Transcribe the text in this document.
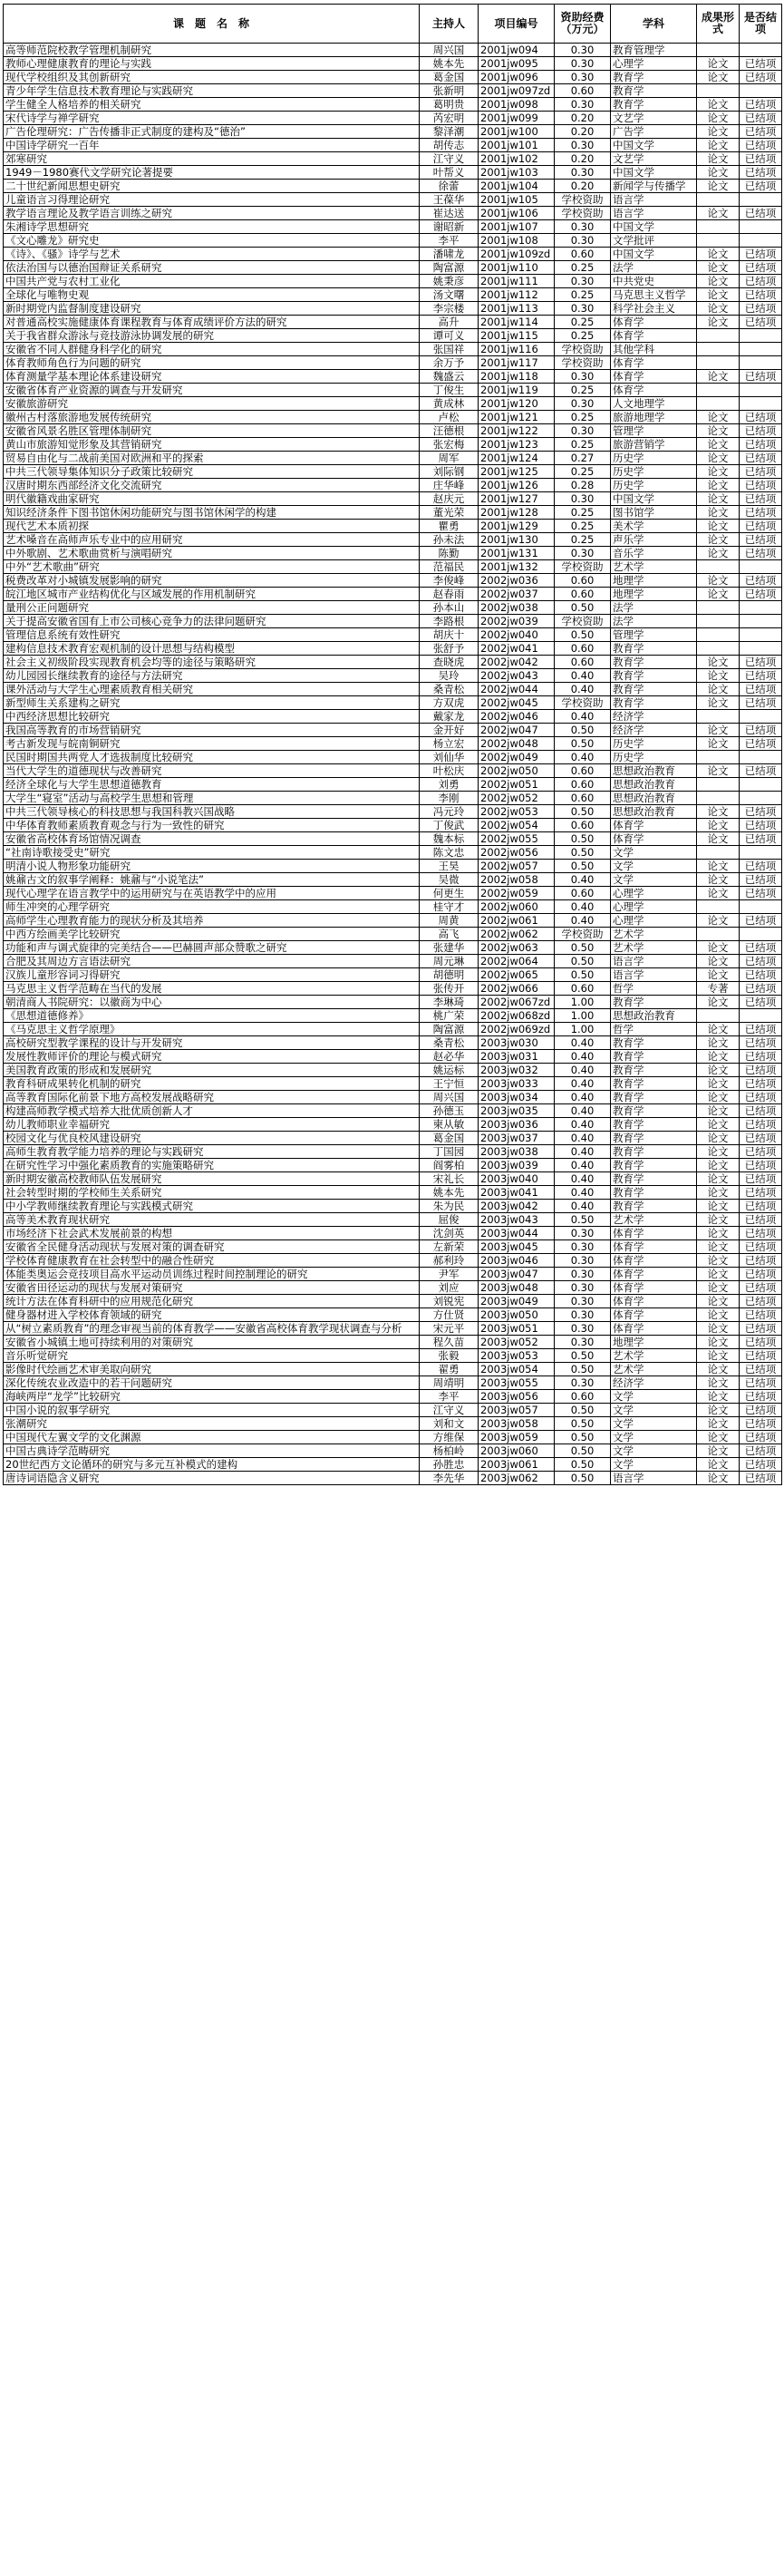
课　题　名　称	主持人	项目编号	资助经费（万元）	学科	成果形式	是否结项
高等师范院校教学管理机制研究	周兴国	2001jw094	0.30	教育管理学		
教师心理健康教育的理论与实践	姚本先	2001jw095	0.30	心理学	论文	已结项
现代学校组织及其创新研究	葛金国	2001jw096	0.30	教育学	论文	已结项
青少年学生信息技术教育理论与实践研究	张新明	2001jw097zd	0.60	教育学		
学生健全人格培养的相关研究	葛明贵	2001jw098	0.30	教育学	论文	已结项
宋代诗学与禅学研究	芮宏明	2001jw099	0.20	文艺学	论文	已结项
广告伦理研究：广告传播非正式制度的建构及“德治”	黎泽潮	2001jw100	0.20	广告学	论文	已结项
中国诗学研究一百年	胡传志	2001jw101	0.30	中国文学	论文	已结项
郊寒研究	江守义	2001jw102	0.20	文艺学	论文	已结项
1949－1980赛代文学研究论著提要	叶帮义	2001jw103	0.30	中国文学	论文	已结项
二十世纪新闻思想史研究	徐蕾	2001jw104	0.20	新闻学与传播学	论文	已结项
儿童语言习得理论研究	王葆华	2001jw105	学校资助	语言学		
教学语言理论及教学语言训练之研究	崔达送	2001jw106	学校资助	语言学	论文	已结项
朱湘诗学思想研究	谢昭新	2001jw107	0.30	中国文学		
《文心雕龙》研究史	李平	2001jw108	0.30	文学批评		
《诗》、《骚》诗学与艺术	潘啸龙	2001jw109zd	0.60	中国文学	论文	已结项
依法治国与以德治国辩证关系研究	陶富源	2001jw110	0.25	法学	论文	已结项
中国共产党与农村工业化	姚秉彦	2001jw111	0.30	中共党史	论文	已结项
全球化与唯物史观	汤文曙	2001jw112	0.25	马克思主义哲学	论文	已结项
新时期党内监督制度建设研究	李宗楼	2001jw113	0.30	科学社会主义	论文	已结项
对普通高校实施健康体育课程教育与体育成绩评价方法的研究	高升	2001jw114	0.25	体育学	论文	已结项
关于我省群众游泳与竞技游泳协调发展的研究	谭可义	2001jw115	0.25	体育学		
安徽省不同人群健身科学化的研究	张国祥	2001jw116	学校资助	其他学科		
体育教师角色行为问题的研究	余万予	2001jw117	学校资助	体育学		
体育测量学基本理论体系建设研究	魏盛云	2001jw118	0.30	体育学	论文	已结项
安徽省体育产业资源的调查与开发研究	丁俊生	2001jw119	0.25	体育学		
安徽旅游研究	黄成林	2001jw120	0.30	人文地理学		
徽州古村落旅游地发展传统研究	卢松	2001jw121	0.25	旅游地理学	论文	已结项
安徽省风景名胜区管理体制研究	汪德根	2001jw122	0.30	管理学	论文	已结项
黄山市旅游知觉形象及其营销研究	张宏梅	2001jw123	0.25	旅游营销学	论文	已结项
贸易自由化与二战前美国对欧洲和平的探索	周军	2001jw124	0.27	历史学	论文	已结项
中共三代领导集体知识分子政策比较研究	刘际钢	2001jw125	0.25	历史学	论文	已结项
汉唐时期东西部经济文化交流研究	庄华峰	2001jw126	0.28	历史学	论文	已结项
明代徽籍戏曲家研究	赵庆元	2001jw127	0.30	中国文学	论文	已结项
知识经济条件下图书馆休闲功能研究与图书馆休闲学的构建	董光荣	2001jw128	0.25	图书馆学	论文	已结项
现代艺术本质初探	瞿勇	2001jw129	0.25	美术学	论文	已结项
艺术嗓音在高师声乐专业中的应用研究	孙未法	2001jw130	0.25	声乐学	论文	已结项
中外歌剧、艺术歌曲赏析与演唱研究	陈勤	2001jw131	0.30	音乐学	论文	已结项
中外“艺术歌曲”研究	范福民	2001jw132	学校资助	艺术学		
税费改革对小城镇发展影响的研究	李俊峰	2002jw036	0.60	地理学	论文	已结项
皖江地区城市产业结构优化与区域发展的作用机制研究	赵春雨	2002jw037	0.60	地理学	论文	已结项
量刑公正问题研究	孙本山	2002jw038	0.50	法学		
关于提高安徽省国有上市公司核心竞争力的法律问题研究	李路根	2002jw039	学校资助	法学		
管理信息系统有效性研究	胡庆十	2002jw040	0.50	管理学		
建构信息技术教育宏观机制的设计思想与结构模型	张舒予	2002jw041	0.60	教育学		
社会主义初级阶段实现教育机会均等的途径与策略研究	查晓虎	2002jw042	0.60	教育学	论文	已结项
幼儿园园长继续教育的途径与方法研究	吴玲	2002jw043	0.40	教育学	论文	已结项
课外活动与大学生心理素质教育相关研究	桑青松	2002jw044	0.40	教育学	论文	已结项
新型师生关系建构之研究	方双虎	2002jw045	学校资助	教育学	论文	已结项
中西经济思想比较研究	戴家龙	2002jw046	0.40	经济学		
我国高等教育的市场营销研究	金开好	2002jw047	0.50	经济学	论文	已结项
考古新发现与皖南铜研究	杨立宏	2002jw048	0.50	历史学	论文	已结项
民国时期国共两党人才选拔制度比较研究	刘仙华	2002jw049	0.40	历史学		
当代大学生的道德现状与改善研究	叶松庆	2002jw050	0.60	思想政治教育	论文	已结项
经济全球化与大学生思想道德教育	刘勇	2002jw051	0.60	思想政治教育		
大学生“寝室”活动与高校学生思想和管理	李刚	2002jw052	0.60	思想政治教育		
中共三代领导核心的科技思想与我国科教兴国战略	冯元玲	2002jw053	0.50	思想政治教育	论文	已结项
中华体育教师素质教育观念与行为一致性的研究	丁俊武	2002jw054	0.60	体育学	论文	已结项
安徽省高校体育场馆情况调查	魏本标	2002jw055	0.50	体育学	论文	已结项
“社南诗歌接受史”研究	陈文忠	2002jw056	0.50	文学		
明清小说人物形象功能研究	王昊	2002jw057	0.50	文学	论文	已结项
姚鼐古文的叙事学阐释：姚鼐与“小说笔法”	吴微	2002jw058	0.40	文学	论文	已结项
现代心理学在语言教学中的运用研究与在英语教学中的应用	何更生	2002jw059	0.60	心理学	论文	已结项
师生冲突的心理学研究	桂守才	2002jw060	0.40	心理学		
高师学生心理教育能力的现状分析及其培养	周黄	2002jw061	0.40	心理学	论文	已结项
中西方绘画美学比较研究	高飞	2002jw062	学校资助	艺术学		
功能和声与调式旋律的完美结合——巴赫圆声部众赞歌之研究	张建华	2002jw063	0.50	艺术学	论文	已结项
合肥及其周边方言语法研究	周元琳	2002jw064	0.50	语言学	论文	已结项
汉族儿童形容词习得研究	胡德明	2002jw065	0.50	语言学	论文	已结项
马克思主义哲学范畴在当代的发展	张传开	2002jw066	0.60	哲学	专著	已结项
朝清商人书院研究：以徽商为中心	李琳琦	2002jw067zd	1.00	教育学	论文	已结项
《思想道德修养》	桃广荣	2002jw068zd	1.00	思想政治教育		
《马克思主义哲学原理》	陶富源	2002jw069zd	1.00	哲学	论文	已结项
高校研究型教学课程的设计与开发研究	桑青松	2003jw030	0.40	教育学	论文	已结项
发展性教师评价的理论与模式研究	赵必华	2003jw031	0.40	教育学	论文	已结项
美国教育政策的形成和发展研究	姚运标	2003jw032	0.40	教育学	论文	已结项
教育科研成果转化机制的研究	王宁恒	2003jw033	0.40	教育学	论文	已结项
高等教育国际化前景下地方高校发展战略研究	周兴国	2003jw034	0.40	教育学	论文	已结项
构建高师教学模式培养大批优质创新人才	孙德玉	2003jw035	0.40	教育学	论文	已结项
幼儿教师职业幸福研究	柬从敏	2003jw036	0.40	教育学	论文	已结项
校园文化与优良校风建设研究	葛金国	2003jw037	0.40	教育学	论文	已结项
高师生教育教学能力培养的理论与实践研究	丁国园	2003jw038	0.40	教育学	论文	已结项
在研究性学习中强化素质教育的实施策略研究	阎雾柏	2003jw039	0.40	教育学	论文	已结项
新时期安徽高校教师队伍发展研究	宋礼长	2003jw040	0.40	教育学	论文	已结项
社会转型时期的学校师生关系研究	姚本先	2003jw041	0.40	教育学	论文	已结项
中小学教师继续教育理论与实践模式研究	朱为民	2003jw042	0.40	教育学	论文	已结项
高等美术教育现状研究	屈俊	2003jw043	0.50	艺术学	论文	已结项
市场经济下社会武术发展前景的构想	沈剑英	2003jw044	0.30	体育学	论文	已结项
安徽省全民健身活动现状与发展对策的调查研究	左新荣	2003jw045	0.30	体育学	论文	已结项
学校体育健康教育在社会转型中的融合性研究	郝利玲	2003jw046	0.30	体育学	论文	已结项
体能类奥运会竞技项目高水平运动员训练过程时间控制理论的研究	尹军	2003jw047	0.30	体育学	论文	已结项
安徽省田径运动的现状与发展对策研究	刘应	2003jw048	0.30	体育学	论文	已结项
统计方法在体育科研中的应用规范化研究	刘锐宪	2003jw049	0.30	体育学	论文	已结项
健身器材进入学校体育领域的研究	方仕贤	2003jw050	0.30	体育学	论文	已结项
从“树立素质教育”的理念审视当前的体育教学——安徽省高校体育教学现状调查与分析	宋元平	2003jw051	0.30	体育学	论文	已结项
安徽省小城镇土地可持续利用的对策研究	程久苗	2003jw052	0.30	地理学	论文	已结项
音乐听觉研究	张毅	2003jw053	0.50	艺术学	论文	已结项
影像时代绘画艺术审美取向研究	翟勇	2003jw054	0.50	艺术学	论文	已结项
深化传统农业改造中的若干问题研究	周靖明	2003jw055	0.30	经济学	论文	已结项
海峡两岸“龙学”比较研究	李平	2003jw056	0.60	文学	论文	已结项
中国小说的叙事学研究	江守义	2003jw057	0.50	文学	论文	已结项
张潮研究	刘和文	2003jw058	0.50	文学	论文	已结项
中国现代左翼文学的文化渊源	方维保	2003jw059	0.50	文学	论文	已结项
中国古典诗学范畴研究	杨柏岭	2003jw060	0.50	文学	论文	已结项
20世纪西方文论循环的研究与多元互补模式的建构	孙胜忠	2003jw061	0.50	文学	论文	已结项
唐诗词语隐含义研究	李先华	2003jw062	0.50	语言学	论文	已结项
